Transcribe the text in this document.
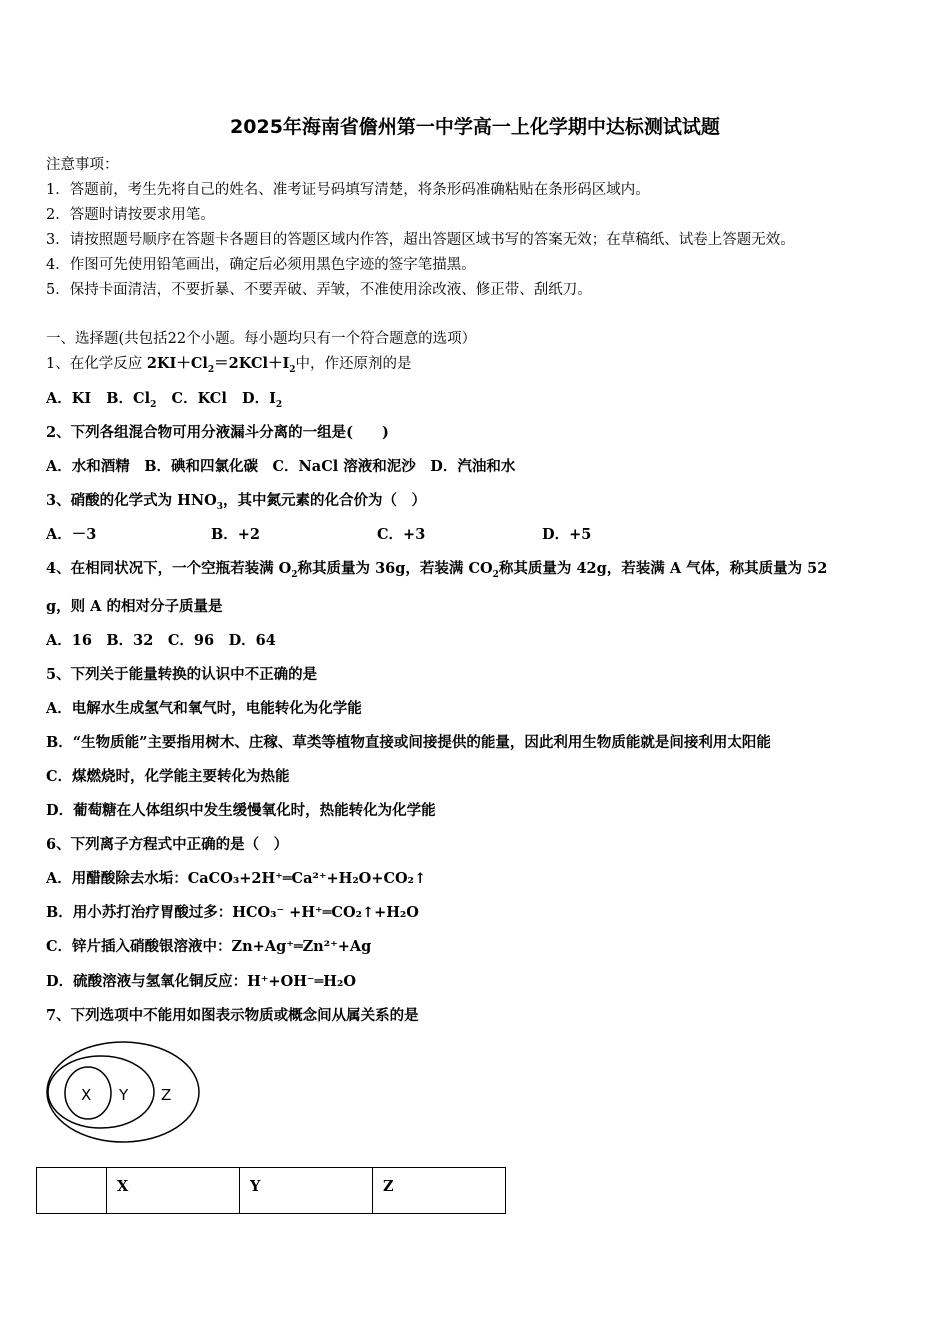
2025年海南省儋州第一中学高一上化学期中达标测试试题
注意事项：
1．答题前，考生先将自己的姓名、准考证号码填写清楚，将条形码准确粘贴在条形码区域内。
2．答题时请按要求用笔。
3．请按照题号顺序在答题卡各题目的答题区域内作答，超出答题区域书写的答案无效；在草稿纸、试卷上答题无效。
4．作图可先使用铅笔画出，确定后必须用黑色字迹的签字笔描黑。
5．保持卡面清洁，不要折暴、不要弄破、弄皱，不准使用涂改液、修正带、刮纸刀。
一、选择题(共包括22个小题。每小题均只有一个符合题意的选项）
1、在化学反应 $2KI+Cl_2=2KCl+I_2$中，作还原剂的是
A．KI B．$Cl_2$ C．KCl D．$I_2$
2、下列各组混合物可用分液漏斗分离的一组是(　　)
A．水和酒精　B．碘和四氯化碳　C．NaCl 溶液和泥沙　D．汽油和水
3、硝酸的化学式为 $HNO_3$，其中氮元素的化合价为（　）
A．－3	B．+2	C．+3	D．+5
4、在相同状况下，一个空瓶若装满 $O_2$称其质量为 36g，若装满 $CO_2$称其质量为 42g，若装满 A 气体，称其质量为 52
g，则 A 的相对分子质量是
A．16　B．32　C．96　D．64
5、下列关于能量转换的认识中不正确的是
A．电解水生成氢气和氧气时，电能转化为化学能
B．“生物质能”主要指用树木、庄稼、草类等植物直接或间接提供的能量，因此利用生物质能就是间接利用太阳能
C．煤燃烧时，化学能主要转化为热能
D．葡萄糖在人体组织中发生缓慢氧化时，热能转化为化学能
6、下列离子方程式中正确的是（　）
A．用醋酸除去水垢：CaCO₃+2H⁺═Ca²⁺+H₂O+CO₂↑
B．用小苏打治疗胃酸过多：HCO₃⁻ +H⁺═CO₂↑+H₂O
C．锌片插入硝酸银溶液中：Zn+Ag⁺═Zn²⁺+Ag
D．硫酸溶液与氢氧化铜反应：H⁺+OH⁻═H₂O
7、下列选项中不能用如图表示物质或概念间从属关系的是
X Y Z
	X	Y	Z
